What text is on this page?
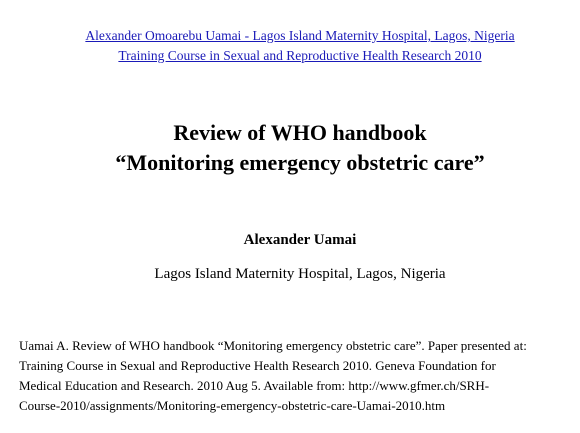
Alexander Omoarebu Uamai - Lagos Island Maternity Hospital, Lagos, Nigeria
Training Course in Sexual and Reproductive Health Research 2010
Review of WHO handbook
“Monitoring emergency obstetric care”

Alexander Uamai

Lagos Island Maternity Hospital, Lagos, Nigeria

Uamai A. Review of WHO handbook “Monitoring emergency obstetric care”. Paper presented at:
Training Course in Sexual and Reproductive Health Research 2010. Geneva Foundation for
Medical Education and Research. 2010 Aug 5. Available from: http://www.gfmer.ch/SRH-
Course-2010/assignments/Monitoring-emergency-obstetric-care-Uamai-2010.htm
